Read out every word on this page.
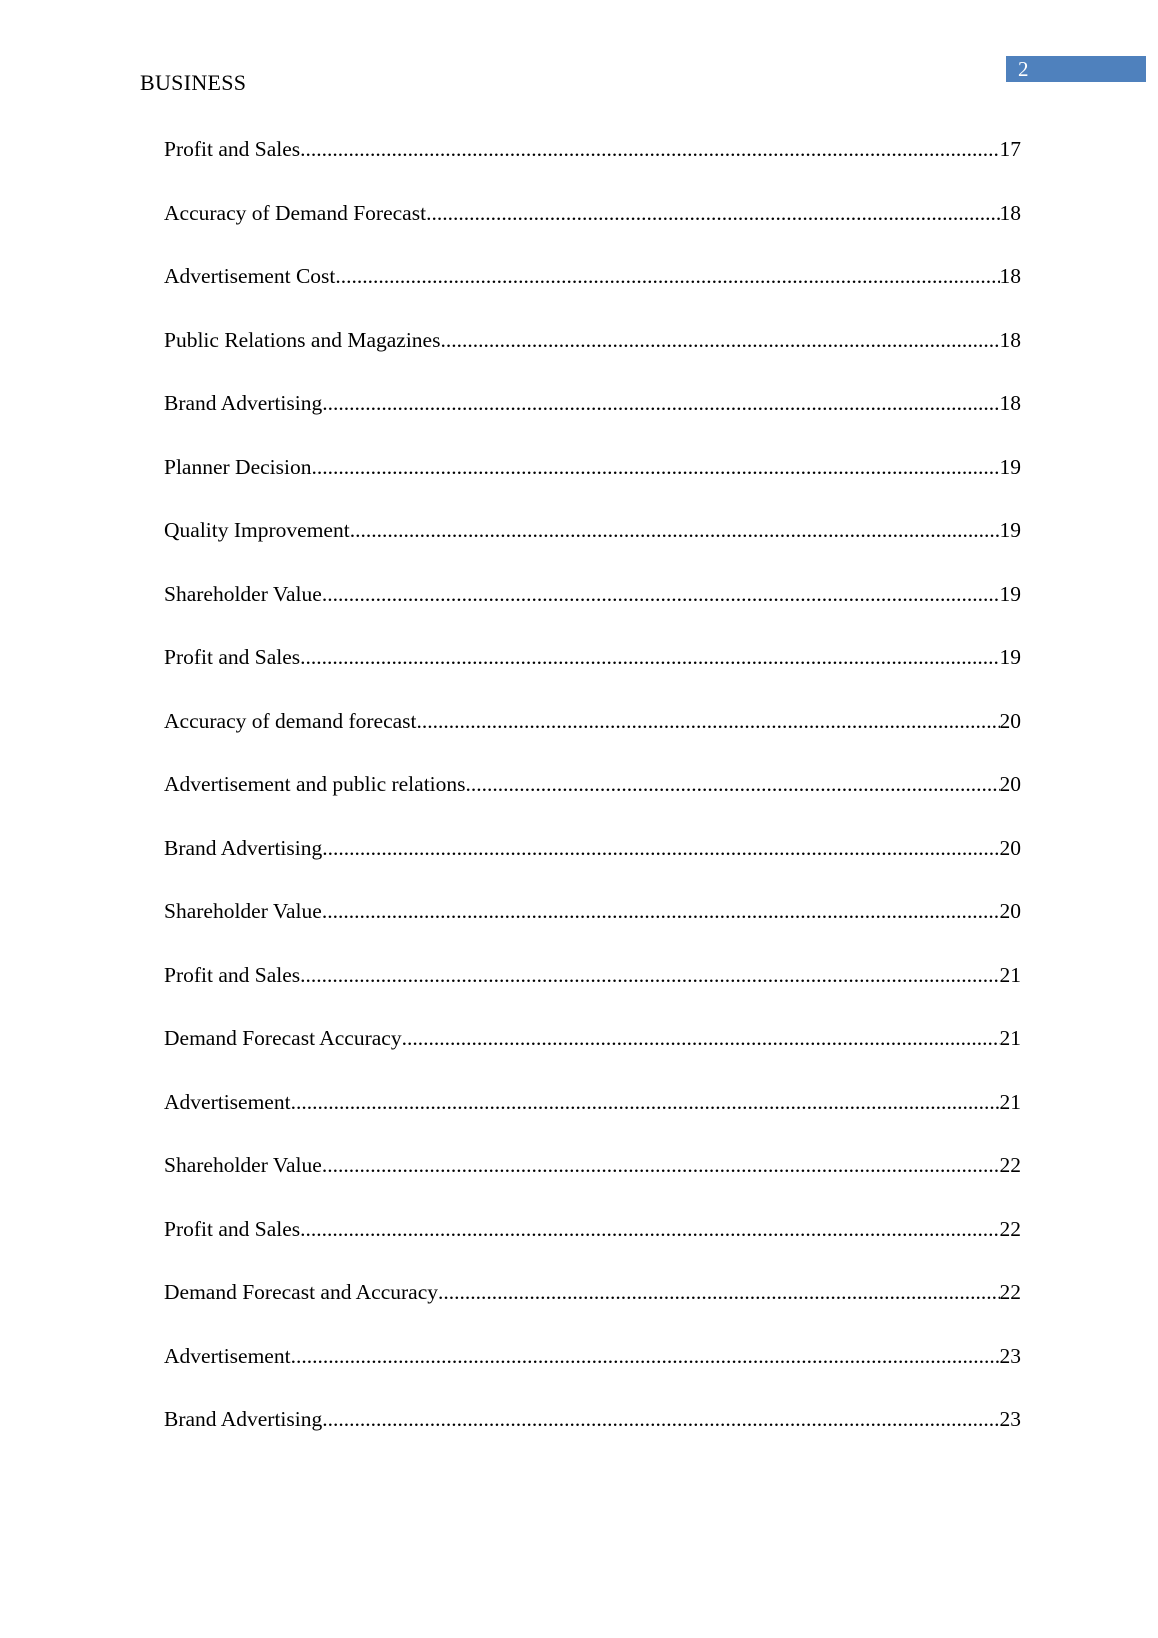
BUSINESS
2
Profit and Sales .....	17
Accuracy of Demand Forecast .....	18
Advertisement Cost .....	18
Public Relations and Magazines .....	18
Brand Advertising .....	18
Planner Decision .....	19
Quality Improvement .....	19
Shareholder Value .....	19
Profit and Sales .....	19
Accuracy of demand forecast .....	20
Advertisement and public relations .....	20
Brand Advertising .....	20
Shareholder Value .....	20
Profit and Sales .....	21
Demand Forecast Accuracy .....	21
Advertisement .....	21
Shareholder Value .....	22
Profit and Sales .....	22
Demand Forecast and Accuracy .....	22
Advertisement .....	23
Brand Advertising .....	23
